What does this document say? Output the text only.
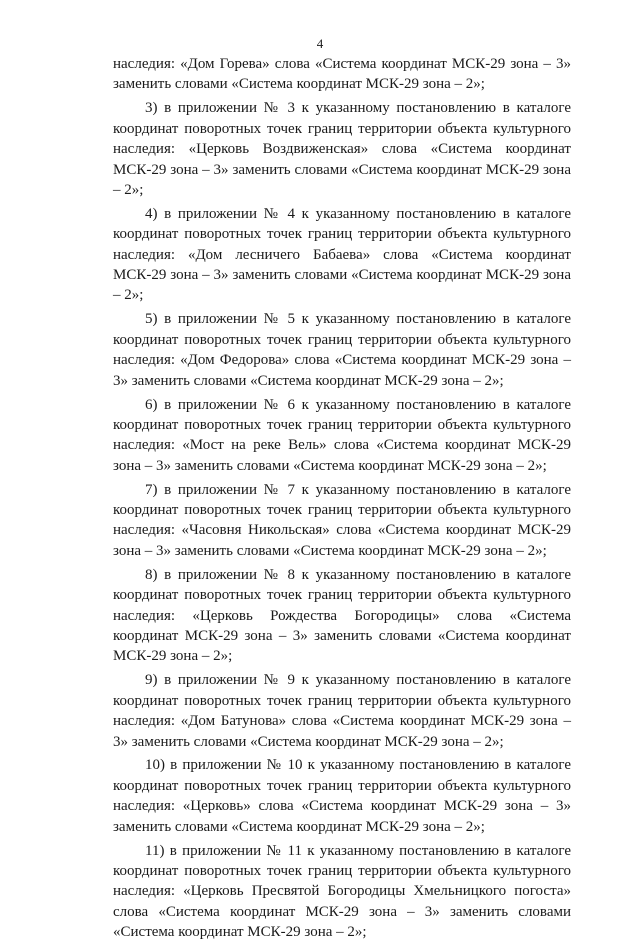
4

наследия: «Дом Горева» слова «Система координат МСК-29 зона – 3» заменить словами «Система координат МСК-29 зона – 2»;

3) в приложении № 3 к указанному постановлению в каталоге координат поворотных точек границ территории объекта культурного наследия: «Церковь Воздвиженская» слова «Система координат МСК-29 зона – 3» заменить словами «Система координат МСК-29 зона – 2»;

4) в приложении № 4 к указанному постановлению в каталоге координат поворотных точек границ территории объекта культурного наследия: «Дом лесничего Бабаева» слова «Система координат МСК-29 зона – 3» заменить словами «Система координат МСК-29 зона – 2»;

5) в приложении № 5 к указанному постановлению в каталоге координат поворотных точек границ территории объекта культурного наследия: «Дом Федорова» слова «Система координат МСК-29 зона – 3» заменить словами «Система координат МСК-29 зона – 2»;

6) в приложении № 6 к указанному постановлению в каталоге координат поворотных точек границ территории объекта культурного наследия: «Мост на реке Вель» слова «Система координат МСК-29 зона – 3» заменить словами «Система координат МСК-29 зона – 2»;

7) в приложении № 7 к указанному постановлению в каталоге координат поворотных точек границ территории объекта культурного наследия: «Часовня Никольская» слова «Система координат МСК-29 зона – 3» заменить словами «Система координат МСК-29 зона – 2»;

8) в приложении № 8 к указанному постановлению в каталоге координат поворотных точек границ территории объекта культурного наследия: «Церковь Рождества Богородицы» слова «Система координат МСК-29 зона – 3» заменить словами «Система координат МСК-29 зона – 2»;

9) в приложении № 9 к указанному постановлению в каталоге координат поворотных точек границ территории объекта культурного наследия: «Дом Батунова» слова «Система координат МСК-29 зона – 3» заменить словами «Система координат МСК-29 зона – 2»;

10) в приложении № 10 к указанному постановлению в каталоге координат поворотных точек границ территории объекта культурного наследия: «Церковь» слова «Система координат МСК-29 зона – 3» заменить словами «Система координат МСК-29 зона – 2»;

11) в приложении № 11 к указанному постановлению в каталоге координат поворотных точек границ территории объекта культурного наследия: «Церковь Пресвятой Богородицы Хмельницкого погоста» слова «Система координат МСК-29 зона – 3» заменить словами «Система координат МСК-29 зона – 2»;
